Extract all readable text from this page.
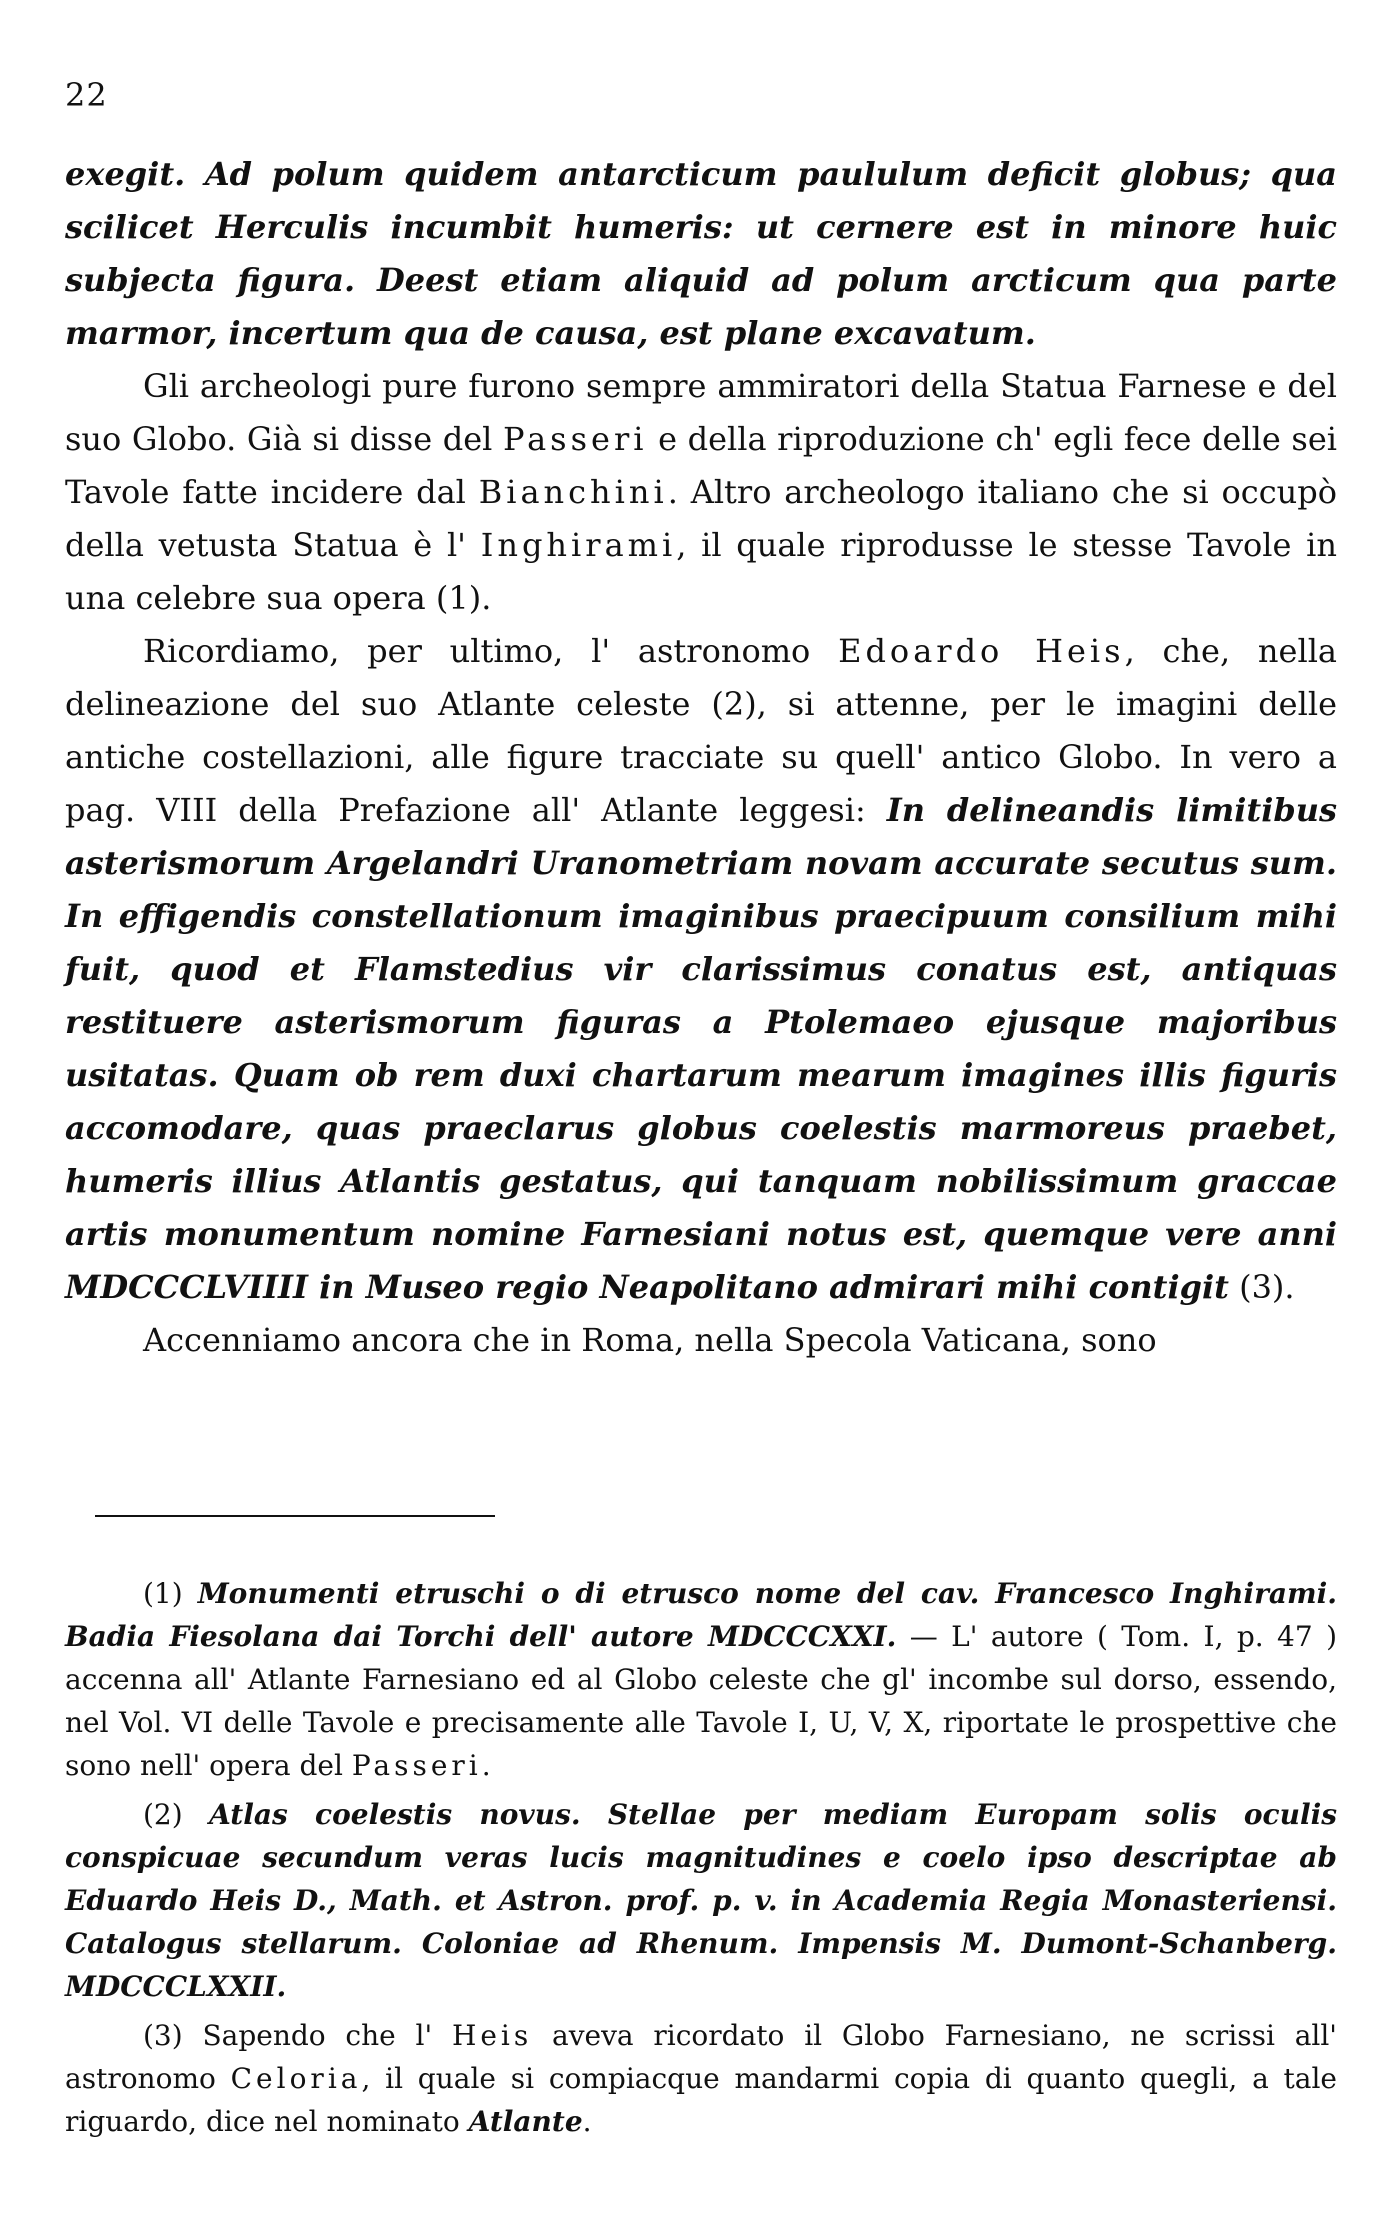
22

exegit. Ad polum quidem antarcticum paululum deficit globus; qua scilicet Herculis incumbit humeris: ut cernere est in minore huic subjecta figura. Deest etiam aliquid ad polum arcticum qua parte marmor, incertum qua de causa, est plane excavatum.

Gli archeologi pure furono sempre ammiratori della Statua Farnese e del suo Globo. Già si disse del Passeri e della riproduzione ch' egli fece delle sei Tavole fatte incidere dal Bianchini. Altro archeologo italiano che si occupò della vetusta Statua è l' Inghirami, il quale riprodusse le stesse Tavole in una celebre sua opera (1).

Ricordiamo, per ultimo, l' astronomo Edoardo Heis, che, nella delineazione del suo Atlante celeste (2), si attenne, per le imagini delle antiche costellazioni, alle figure tracciate su quell' antico Globo. In vero a pag. VIII della Prefazione all' Atlante leggesi: In delineandis limitibus asterismorum Argelandri Uranometriam novam accurate secutus sum. In effigendis constellationum imaginibus praecipuum consilium mihi fuit, quod et Flamstedius vir clarissimus conatus est, antiquas restituere asterismorum figuras a Ptolemaeo ejusque majoribus usitatas. Quam ob rem duxi chartarum mearum imagines illis figuris accomodare, quas praeclarus globus coelestis marmoreus praebet, humeris illius Atlantis gestatus, qui tanquam nobilissimum graccae artis monumentum nomine Farnesiani notus est, quemque vere anni MDCCCLVIIII in Museo regio Neapolitano admirari mihi contigit (3).

Accenniamo ancora che in Roma, nella Specola Vaticana, sono

(1) Monumenti etruschi o di etrusco nome del cav. Francesco Inghirami. Badia Fiesolana dai Torchi dell' autore MDCCCXXI. — L' autore ( Tom. I, p. 47 ) accenna all' Atlante Farnesiano ed al Globo celeste che gl' incombe sul dorso, essendo, nel Vol. VI delle Tavole e precisamente alle Tavole I, U, V, X, riportate le prospettive che sono nell' opera del Passeri.

(2) Atlas coelestis novus. Stellae per mediam Europam solis oculis conspicuae secundum veras lucis magnitudines e coelo ipso descriptae ab Eduardo Heis D., Math. et Astron. prof. p. v. in Academia Regia Monasteriensi. Catalogus stellarum. Coloniae ad Rhenum. Impensis M. Dumont-Schanberg. MDCCCLXXII.

(3) Sapendo che l' Heis aveva ricordato il Globo Farnesiano, ne scrissi all' astronomo Celoria, il quale si compiacque mandarmi copia di quanto quegli, a tale riguardo, dice nel nominato Atlante.
